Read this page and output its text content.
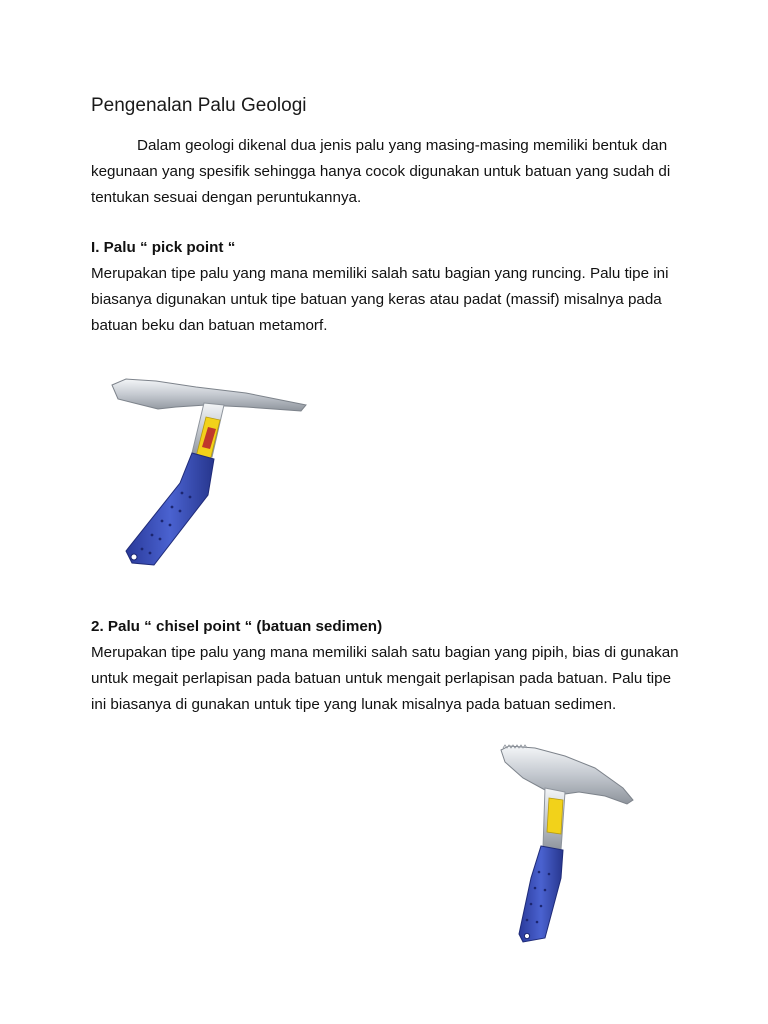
Pengenalan Palu Geologi

Dalam geologi dikenal dua jenis palu yang masing-masing memiliki bentuk dan kegunaan yang spesifik sehingga hanya cocok digunakan untuk batuan yang sudah di tentukan sesuai dengan peruntukannya.

I. Palu “ pick point “

Merupakan tipe palu yang mana memiliki salah satu bagian yang runcing. Palu tipe ini biasanya digunakan untuk tipe batuan yang keras atau padat (massif) misalnya pada batuan beku dan batuan metamorf.

2. Palu “ chisel point “ (batuan sedimen)

Merupakan tipe palu yang mana memiliki salah satu bagian yang pipih, bias di gunakan untuk megait perlapisan pada batuan untuk mengait perlapisan pada batuan. Palu tipe ini biasanya di gunakan untuk tipe yang lunak misalnya pada batuan sedimen.
